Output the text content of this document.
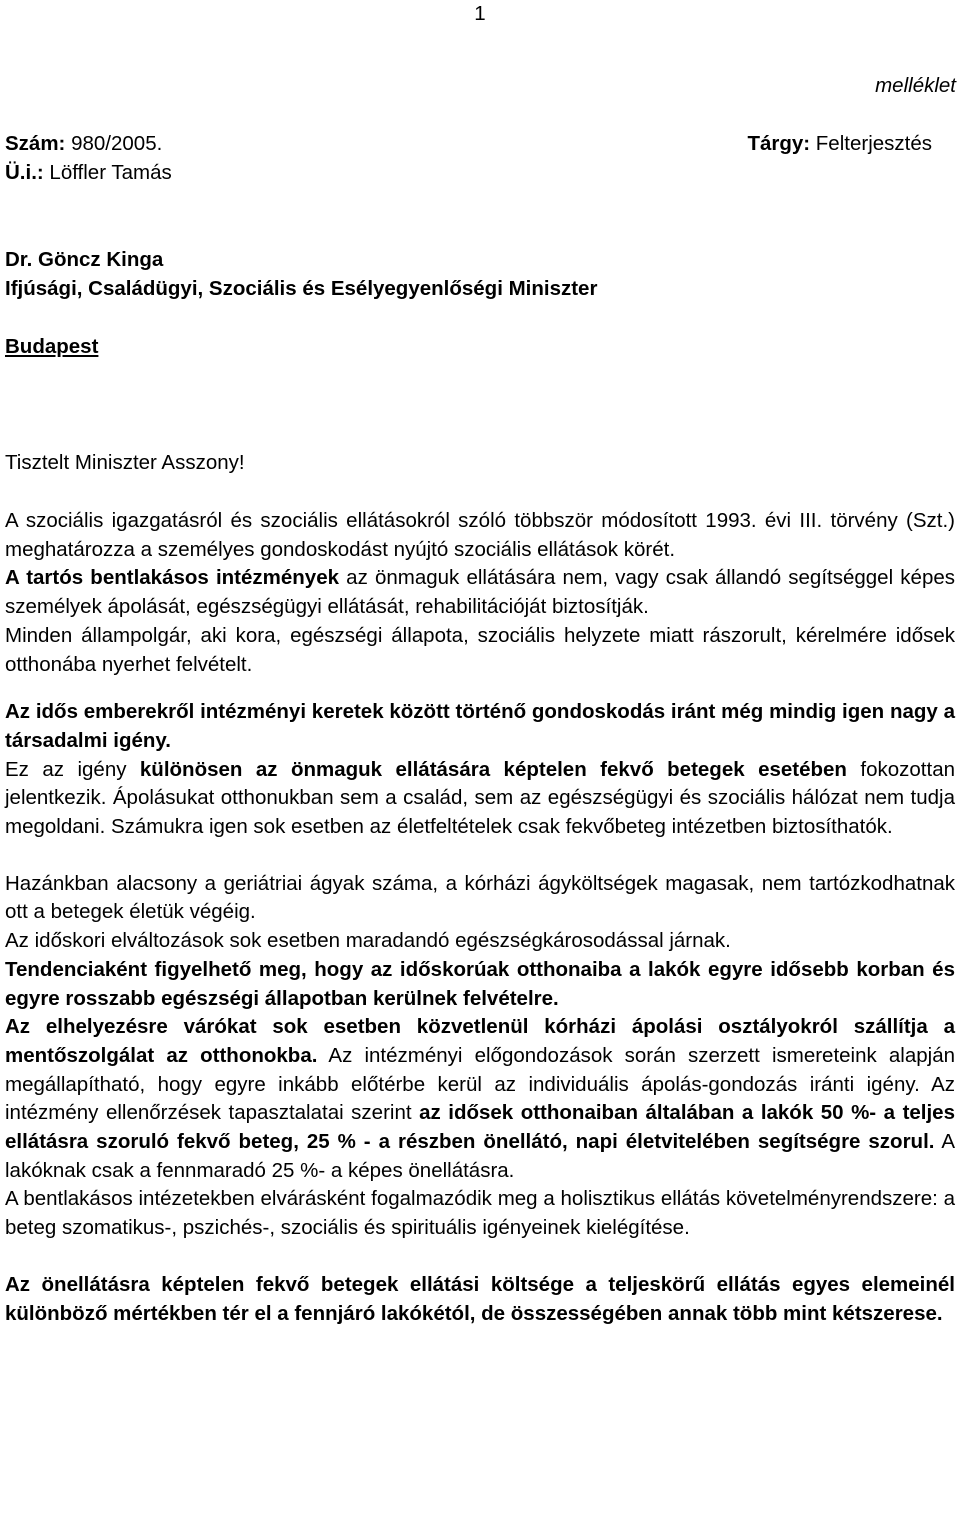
1
melléklet
Szám: 980/2005.
Ü.i.: Löffler Tamás
Tárgy: Felterjesztés
Dr. Göncz Kinga
Ifjúsági, Családügyi, Szociális és Esélyegyenlőségi Miniszter
Budapest
Tisztelt Miniszter Asszony!

A szociális igazgatásról és szociális ellátásokról szóló többször módosított 1993. évi III. törvény (Szt.) meghatározza a személyes gondoskodást nyújtó szociális ellátások körét.

A tartós bentlakásos intézmények az önmaguk ellátására nem, vagy csak állandó segítséggel képes személyek ápolását, egészségügyi ellátását, rehabilitációját biztosítják.

Minden állampolgár, aki kora, egészségi állapota, szociális helyzete miatt rászorult, kérelmére idősek otthonába nyerhet felvételt.

Az idős emberekről intézményi keretek között történő gondoskodás iránt még mindig igen nagy a társadalmi igény.

Ez az igény különösen az önmaguk ellátására képtelen fekvő betegek esetében fokozottan jelentkezik. Ápolásukat otthonukban sem a család, sem az egészségügyi és szociális hálózat nem tudja megoldani. Számukra igen sok esetben az életfeltételek csak fekvőbeteg intézetben biztosíthatók.

Hazánkban alacsony a geriátriai ágyak száma, a kórházi ágyköltségek magasak, nem tartózkodhatnak ott a betegek életük végéig.

Az időskori elváltozások sok esetben maradandó egészségkárosodással járnak.

Tendenciaként figyelhető meg, hogy az időskorúak otthonaiba a lakók egyre idősebb korban és egyre rosszabb egészségi állapotban kerülnek felvételre.

Az elhelyezésre várókat sok esetben közvetlenül kórházi ápolási osztályokról szállítja a mentőszolgálat az otthonokba. Az intézményi előgondozások során szerzett ismereteink alapján megállapítható, hogy egyre inkább előtérbe kerül az individuális ápolás-gondozás iránti igény. Az intézmény ellenőrzések tapasztalatai szerint az idősek otthonaiban általában a lakók 50 %- a teljes ellátásra szoruló fekvő beteg, 25 % - a részben önellátó, napi életvitelében segítségre szorul. A lakóknak csak a fennmaradó 25 %- a képes önellátásra.

A bentlakásos intézetekben elvárásként fogalmazódik meg a holisztikus ellátás követelményrendszere: a beteg szomatikus-, pszichés-, szociális és spirituális igényeinek kielégítése.

Az önellátásra képtelen fekvő betegek ellátási költsége a teljeskörű ellátás egyes elemeinél különböző mértékben tér el a fennjáró lakókétól, de összességében annak több mint kétszerese.
